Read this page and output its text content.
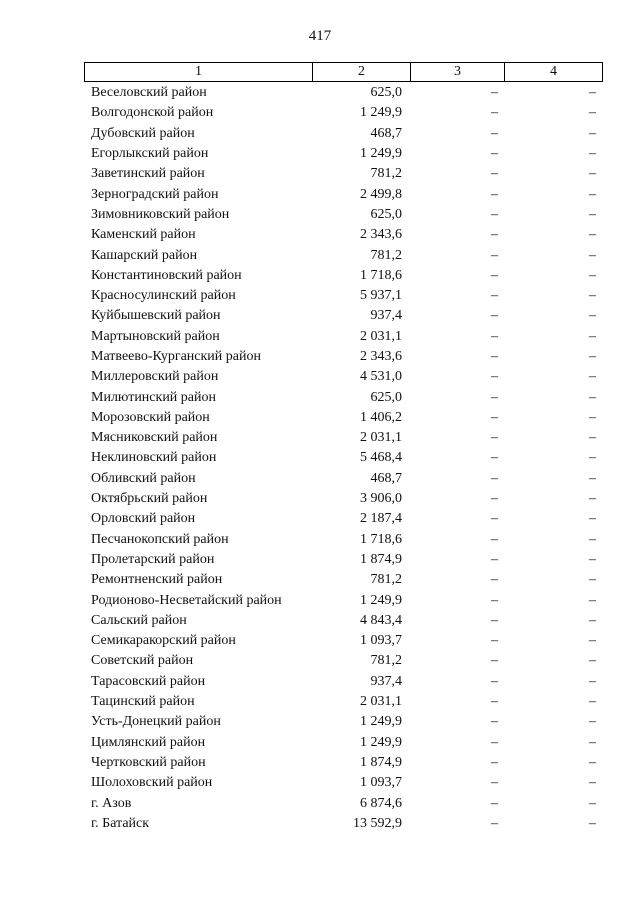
417
1	2	3	4
Веселовский район	625,0	–	–
Волгодонской район	1 249,9	–	–
Дубовский район	468,7	–	–
Егорлыкский район	1 249,9	–	–
Заветинский район	781,2	–	–
Зерноградский район	2 499,8	–	–
Зимовниковский район	625,0	–	–
Каменский район	2 343,6	–	–
Кашарский район	781,2	–	–
Константиновский район	1 718,6	–	–
Красносулинский район	5 937,1	–	–
Куйбышевский район	937,4	–	–
Мартыновский район	2 031,1	–	–
Матвеево-Курганский район	2 343,6	–	–
Миллеровский район	4 531,0	–	–
Милютинский район	625,0	–	–
Морозовский район	1 406,2	–	–
Мясниковский район	2 031,1	–	–
Неклиновский район	5 468,4	–	–
Обливский район	468,7	–	–
Октябрьский район	3 906,0	–	–
Орловский район	2 187,4	–	–
Песчанокопский район	1 718,6	–	–
Пролетарский район	1 874,9	–	–
Ремонтненский район	781,2	–	–
Родионово-Несветайский район	1 249,9	–	–
Сальский район	4 843,4	–	–
Семикаракорский район	1 093,7	–	–
Советский район	781,2	–	–
Тарасовский район	937,4	–	–
Тацинский район	2 031,1	–	–
Усть-Донецкий район	1 249,9	–	–
Цимлянский район	1 249,9	–	–
Чертковский район	1 874,9	–	–
Шолоховский район	1 093,7	–	–
г. Азов	6 874,6	–	–
г. Батайск	13 592,9	–	–
